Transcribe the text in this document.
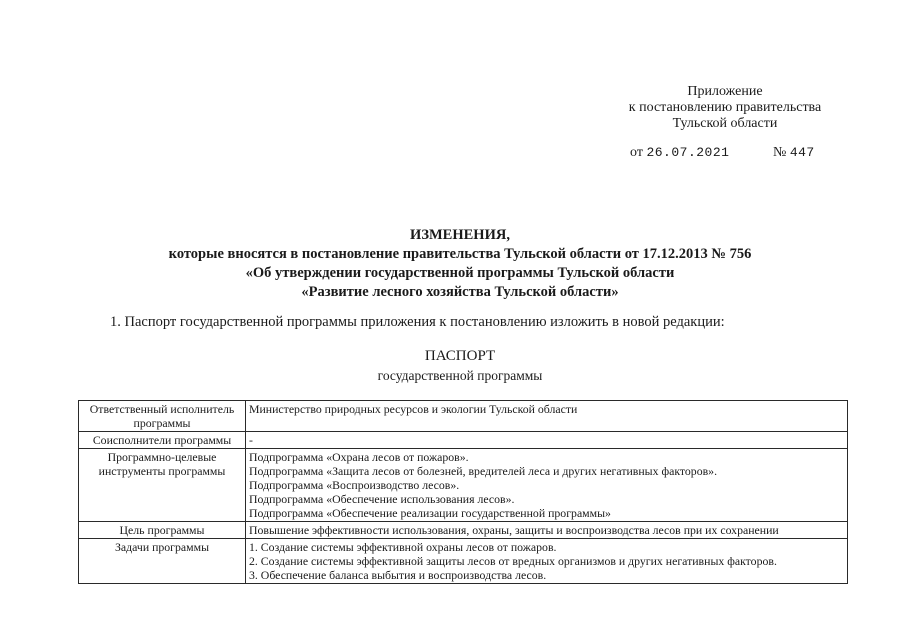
Приложение
к постановлению правительства
Тульской области
от 26.07.2021	№ 447
ИЗМЕНЕНИЯ,
которые вносятся в постановление правительства Тульской области от 17.12.2013 № 756
«Об утверждении государственной программы Тульской области
«Развитие лесного хозяйства Тульской области»
1. Паспорт государственной программы приложения к постановлению изложить в новой редакции:
ПАСПОРТ
государственной программы
Ответственный исполнитель программы	Министерство природных ресурсов и экологии Тульской области

Соисполнители программы	-

Программно-целевые инструменты программы	Подпрограмма «Охрана лесов от пожаров».
Подпрограмма «Защита лесов от болезней, вредителей леса и других негативных факторов».
Подпрограмма «Воспроизводство лесов».
Подпрограмма «Обеспечение использования лесов».
Подпрограмма «Обеспечение реализации государственной программы»

Цель программы	Повышение эффективности использования, охраны, защиты и воспроизводства лесов при их сохранении

Задачи программы	1. Создание системы эффективной охраны лесов от пожаров.
2. Создание системы эффективной защиты лесов от вредных организмов и других негативных факторов.
3. Обеспечение баланса выбытия и воспроизводства лесов.
